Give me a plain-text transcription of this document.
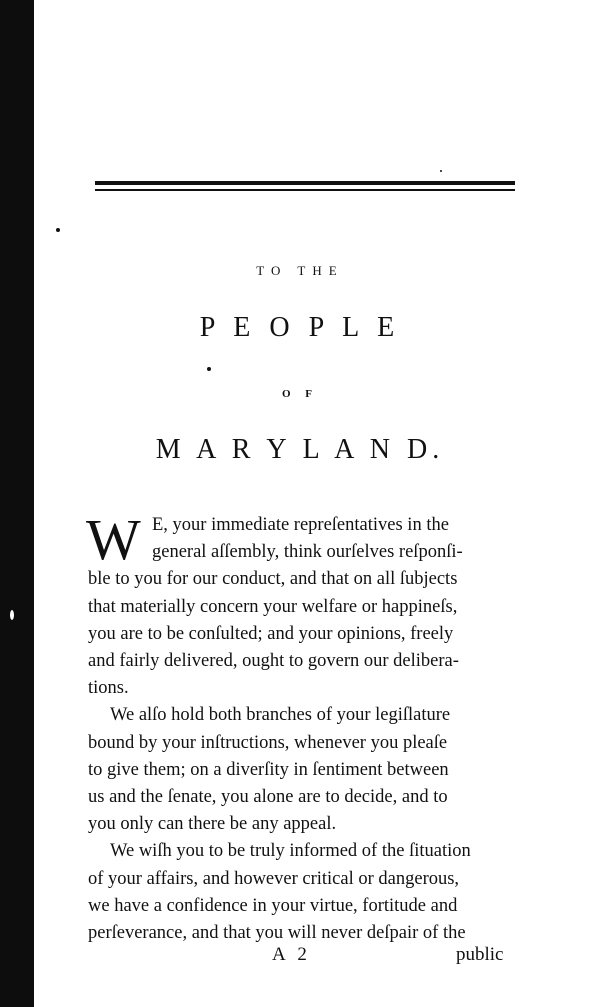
TO THE
P E O P L E
O F
M A R Y L A N D.
W E, your immediate repreſentatives in the
general aſſembly, think ourſelves reſponſi-
ble to you for our conduct, and that on all ſubjects
that materially concern your welfare or happineſs,
you are to be conſulted; and your opinions, freely
and fairly delivered, ought to govern our delibera-
tions.
We alſo hold both branches of your legiſlature
bound by your inſtructions, whenever you pleaſe
to give them; on a diverſity in ſentiment between
us and the ſenate, you alone are to decide, and to
you only can there be any appeal.
We wiſh you to be truly informed of the ſituation
of your affairs, and however critical or dangerous,
we have a confidence in your virtue, fortitude and
perſeverance, and that you will never deſpair of the
A 2	public
